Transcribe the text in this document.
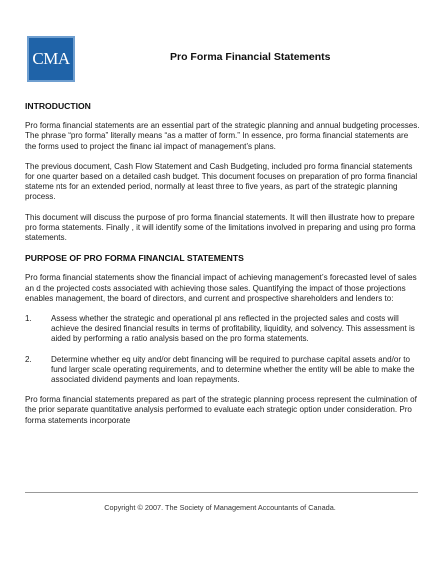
CMA	Pro Forma Financial Statements
INTRODUCTION

Pro forma financial statements are an essential part of the strategic planning and annual budgeting processes. The phrase “pro forma” literally means “as a matter of form.” In essence, pro forma financial statements are the forms used to project the financ ial impact of management’s plans.

The previous document, Cash Flow Statement and Cash Budgeting, included pro forma financial statements for one quarter based on a detailed cash budget. This document focuses on preparation of pro forma financial stateme nts for an extended period, normally at least three to five years, as part of the strategic planning process.

This document will discuss the purpose of pro forma financial statements. It will then illustrate how to prepare pro forma statements. Finally , it will identify some of the limitations involved in preparing and using pro forma statements.

PURPOSE OF PRO FORMA FINANCIAL STATEMENTS

Pro forma financial statements show the financial impact of achieving management’s forecasted level of sales an d the projected costs associated with achieving those sales. Quantifying the impact of those projections enables management, the board of directors, and current and prospective shareholders and lenders to:

1.	Assess whether the strategic and operational pl ans reflected in the projected sales and costs will achieve the desired financial results in terms of profitability, liquidity, and solvency. This assessment is aided by performing a ratio analysis based on the pro forma statements.
2.	Determine whether eq uity and/or debt financing will be required to purchase capital assets and/or to fund larger scale operating requirements, and to determine whether the entity will be able to make the associated dividend payments and loan repayments.

Pro forma financial statements prepared as part of the strategic planning process represent the culmination of the prior separate quantitative analysis performed to evaluate each strategic option under consideration. Pro forma statements incorporate

Copyright © 2007. The Society of Management Accountants of Canada.
